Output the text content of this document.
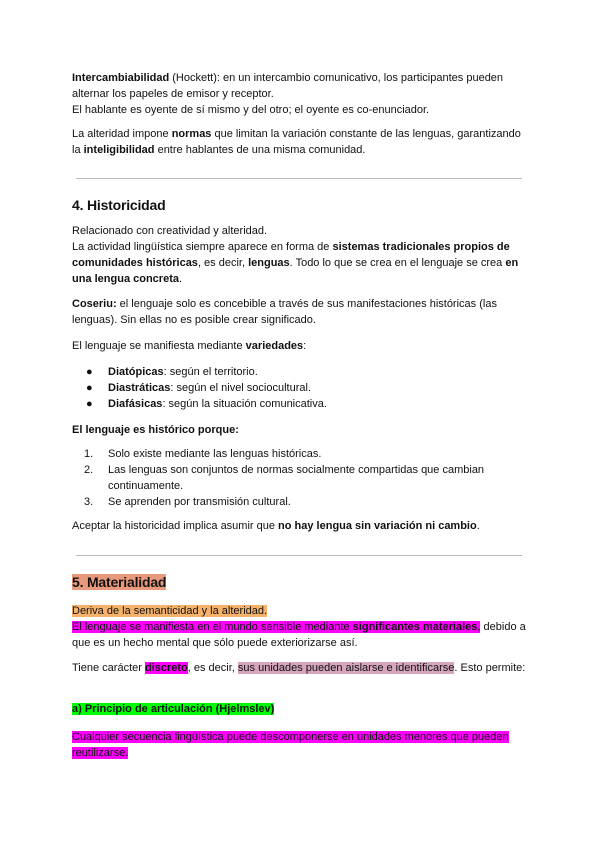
Intercambiabilidad (Hockett): en un intercambio comunicativo, los participantes pueden alternar los papeles de emisor y receptor.

El hablante es oyente de sí mismo y del otro; el oyente es co-enunciador.

La alteridad impone normas que limitan la variación constante de las lenguas, garantizando la inteligibilidad entre hablantes de una misma comunidad.

4. Historicidad

Relacionado con creatividad y alteridad.

La actividad lingüística siempre aparece en forma de sistemas tradicionales propios de comunidades históricas, es decir, lenguas. Todo lo que se crea en el lenguaje se crea en una lengua concreta.

Coseriu: el lenguaje solo es concebible a través de sus manifestaciones históricas (las lenguas). Sin ellas no es posible crear significado.

El lenguaje se manifiesta mediante variedades:

● Diatópicas: según el territorio.
● Diastráticas: según el nivel sociocultural.
● Diafásicas: según la situación comunicativa.

El lenguaje es histórico porque:

1. Solo existe mediante las lenguas históricas.
2. Las lenguas son conjuntos de normas socialmente compartidas que cambian continuamente.
3. Se aprenden por transmisión cultural.

Aceptar la historicidad implica asumir que no hay lengua sin variación ni cambio.

5. Materialidad

Deriva de la semanticidad y la alteridad.

El lenguaje se manifiesta en el mundo sensible mediante significantes materiales, debido a que es un hecho mental que sólo puede exteriorizarse así.

Tiene carácter discreto, es decir, sus unidades pueden aislarse e identificarse. Esto permite:

a) Principio de articulación (Hjelmslev)

Cualquier secuencia lingüística puede descomponerse en unidades menores que pueden reutilizarse.
